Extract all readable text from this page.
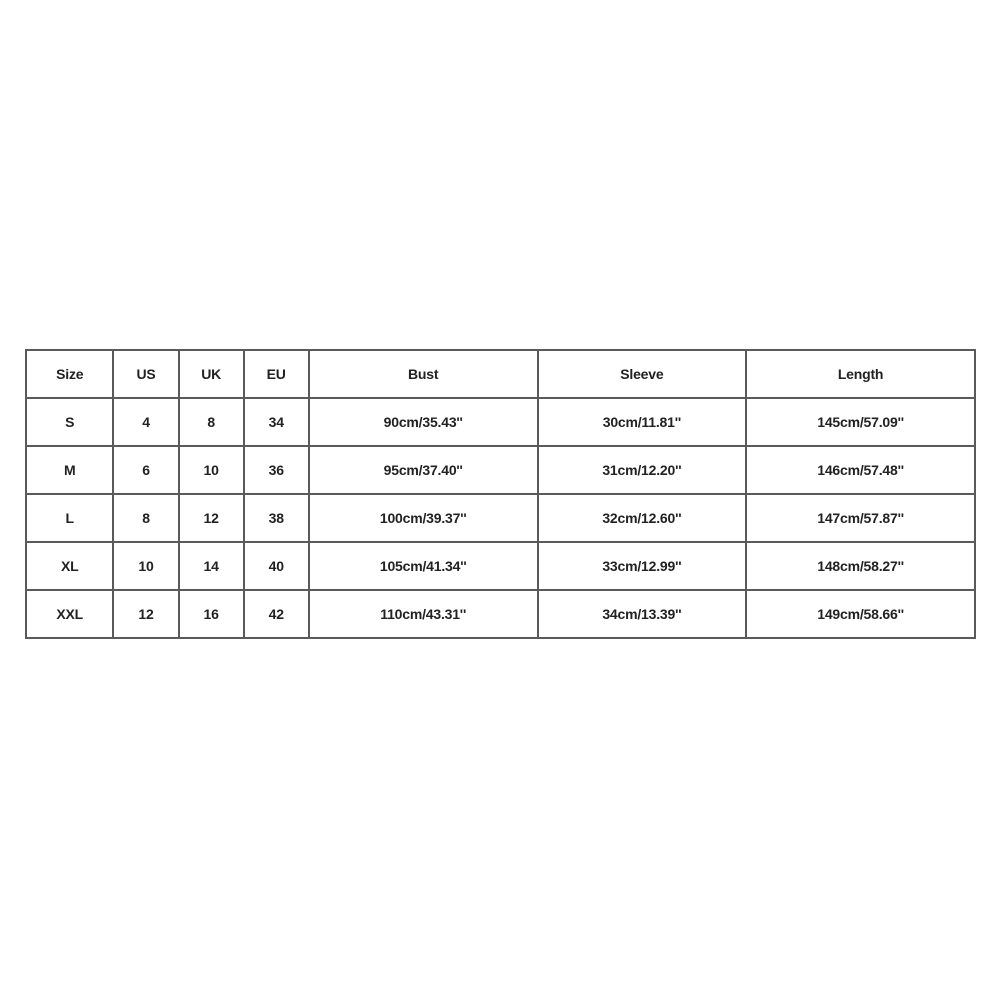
Size	US	UK	EU	Bust	Sleeve	Length
S	4	8	34	90cm/35.43''	30cm/11.81''	145cm/57.09''
M	6	10	36	95cm/37.40''	31cm/12.20''	146cm/57.48''
L	8	12	38	100cm/39.37''	32cm/12.60''	147cm/57.87''
XL	10	14	40	105cm/41.34''	33cm/12.99''	148cm/58.27''
XXL	12	16	42	110cm/43.31''	34cm/13.39''	149cm/58.66''
